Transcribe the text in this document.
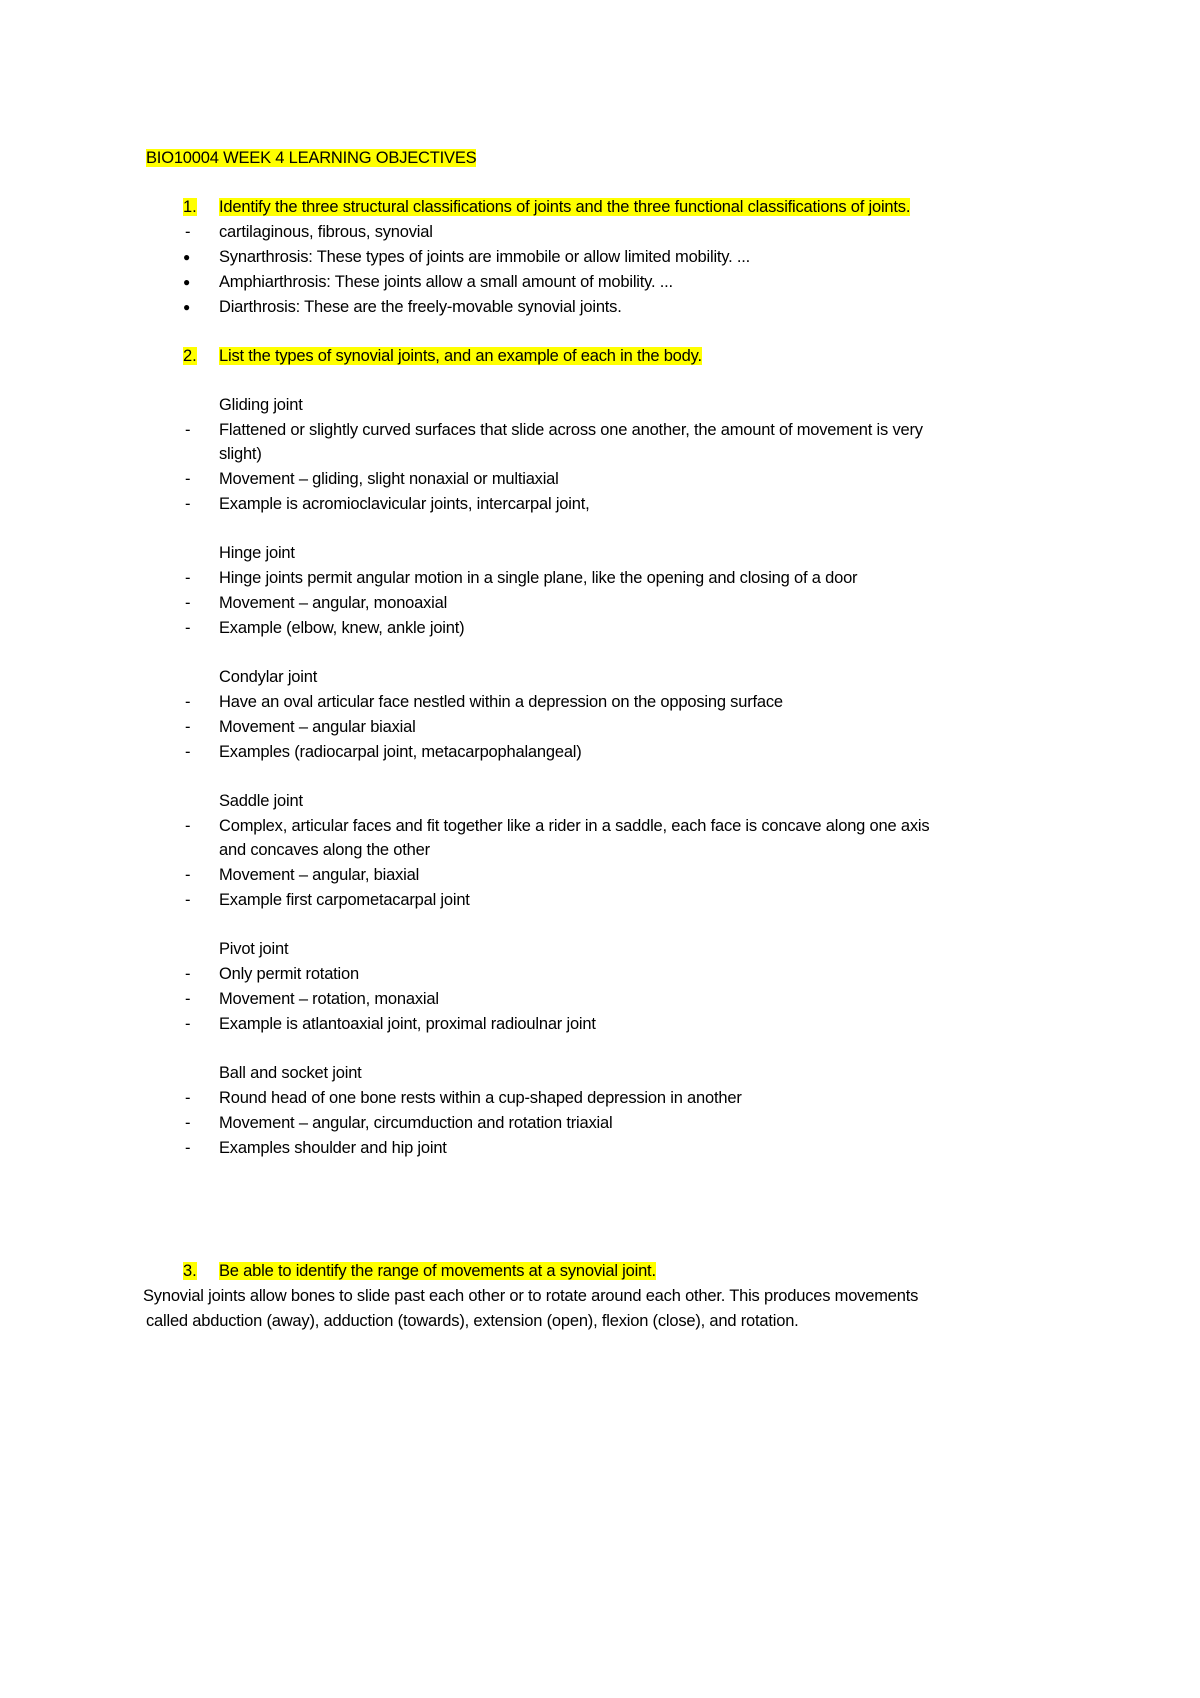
BIO10004 WEEK 4 LEARNING OBJECTIVES
1. Identify the three structural classifications of joints and the three functional classifications of joints.
- cartilaginous, fibrous, synovial
● Synarthrosis: These types of joints are immobile or allow limited mobility. ...
● Amphiarthrosis: These joints allow a small amount of mobility. ...
● Diarthrosis: These are the freely-movable synovial joints.
2. List the types of synovial joints, and an example of each in the body.
Gliding joint
- Flattened or slightly curved surfaces that slide across one another, the amount of movement is very
slight)
- Movement – gliding, slight nonaxial or multiaxial
- Example is acromioclavicular joints, intercarpal joint,
Hinge joint
- Hinge joints permit angular motion in a single plane, like the opening and closing of a door
- Movement – angular, monoaxial
- Example (elbow, knew, ankle joint)
Condylar joint
- Have an oval articular face nestled within a depression on the opposing surface
- Movement – angular biaxial
- Examples (radiocarpal joint, metacarpophalangeal)
Saddle joint
- Complex, articular faces and fit together like a rider in a saddle, each face is concave along one axis
and concaves along the other
- Movement – angular, biaxial
- Example first carpometacarpal joint
Pivot joint
- Only permit rotation
- Movement – rotation, monaxial
- Example is atlantoaxial joint, proximal radioulnar joint
Ball and socket joint
- Round head of one bone rests within a cup-shaped depression in another
- Movement – angular, circumduction and rotation triaxial
- Examples shoulder and hip joint
3. Be able to identify the range of movements at a synovial joint.
Synovial joints allow bones to slide past each other or to rotate around each other. This produces movements
called abduction (away), adduction (towards), extension (open), flexion (close), and rotation.
